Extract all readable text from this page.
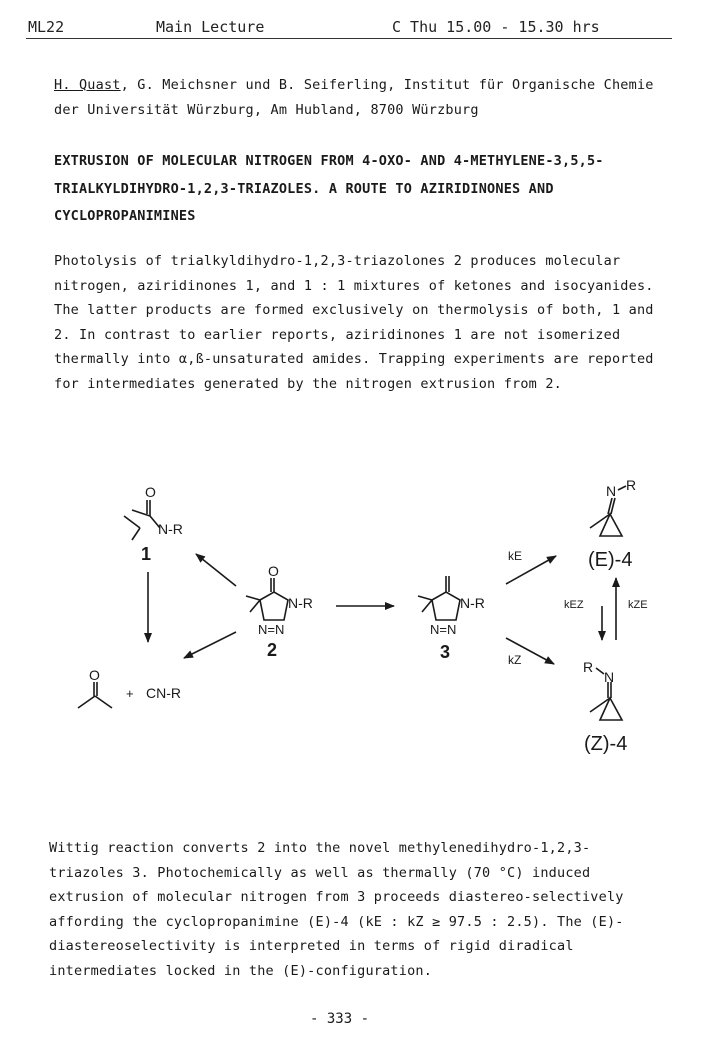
ML22	Main Lecture	C Thu 15.00 - 15.30 hrs
H. Quast, G. Meichsner und B. Seiferling, Institut für Organische Chemie der Universität Würzburg, Am Hubland, 8700 Würzburg
EXTRUSION OF MOLECULAR NITROGEN FROM 4-OXO- AND 4-METHYLENE-3,5,5-TRIALKYLDIHYDRO-1,2,3-TRIAZOLES. A ROUTE TO AZIRIDINONES AND CYCLOPROPANIMINES
Photolysis of trialkyldihydro-1,2,3-triazolones 2 produces molecular nitrogen, aziridinones 1, and 1 : 1 mixtures of ketones and isocyanides. The latter products are formed exclusively on thermolysis of both, 1 and 2. In contrast to earlier reports, aziridinones 1 are not isomerized thermally into α,ß-unsaturated amides. Trapping experiments are reported for intermediates generated by the nitrogen extrusion from 2.
O
N-R
1
O
N-R
N=N
2
N-R
N=N
3
kE
kZ
kEZ	kZE
N R
(E)-4
R
N
(Z)-4
O
+ CN-R
Wittig reaction converts 2 into the novel methylenedihydro-1,2,3-triazoles 3. Photochemically as well as thermally (70 °C) induced extrusion of molecular nitrogen from 3 proceeds diastereo-selectively affording the cyclopropanimine (E)-4 (kE : kZ ≥ 97.5 : 2.5). The (E)-diastereoselectivity is interpreted in terms of rigid diradical intermediates locked in the (E)-configuration.
- 333 -
